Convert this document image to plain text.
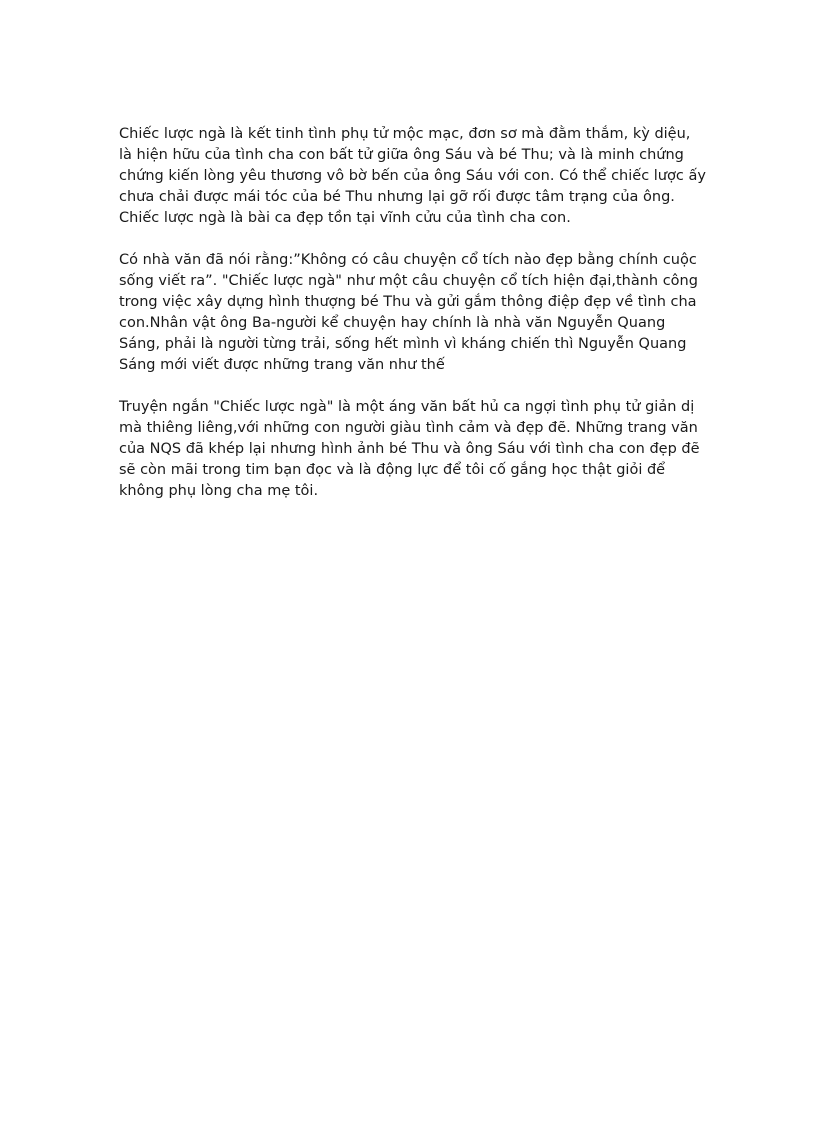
Chiếc lược ngà là kết tinh tình phụ tử mộc mạc, đơn sơ mà đằm thắm, kỳ diệu,
là hiện hữu của tình cha con bất tử giữa ông Sáu và bé Thu; và là minh chứng
chứng kiến lòng yêu thương vô bờ bến của ông Sáu với con. Có thể chiếc lược ấy
chưa chải được mái tóc của bé Thu nhưng lại gỡ rối được tâm trạng của ông.
Chiếc lược ngà là bài ca đẹp tồn tại vĩnh cửu của tình cha con.

Có nhà văn đã nói rằng:”Không có câu chuyện cổ tích nào đẹp bằng chính cuộc
sống viết ra”. "Chiếc lược ngà" như một câu chuyện cổ tích hiện đại,thành công
trong việc xây dựng hình thượng bé Thu và gửi gắm thông điệp đẹp về tình cha
con.Nhân vật ông Ba-người kể chuyện hay chính là nhà văn Nguyễn Quang
Sáng, phải là người từng trải, sống hết mình vì kháng chiến thì Nguyễn Quang
Sáng mới viết được những trang văn như thế

Truyện ngắn "Chiếc lược ngà" là một áng văn bất hủ ca ngợi tình phụ tử giản dị
mà thiêng liêng,với những con người giàu tình cảm và đẹp đẽ. Những trang văn
của NQS đã khép lại nhưng hình ảnh bé Thu và ông Sáu với tình cha con đẹp đẽ
sẽ còn mãi trong tim bạn đọc và là động lực để tôi cố gắng học thật giỏi để
không phụ lòng cha mẹ tôi.
